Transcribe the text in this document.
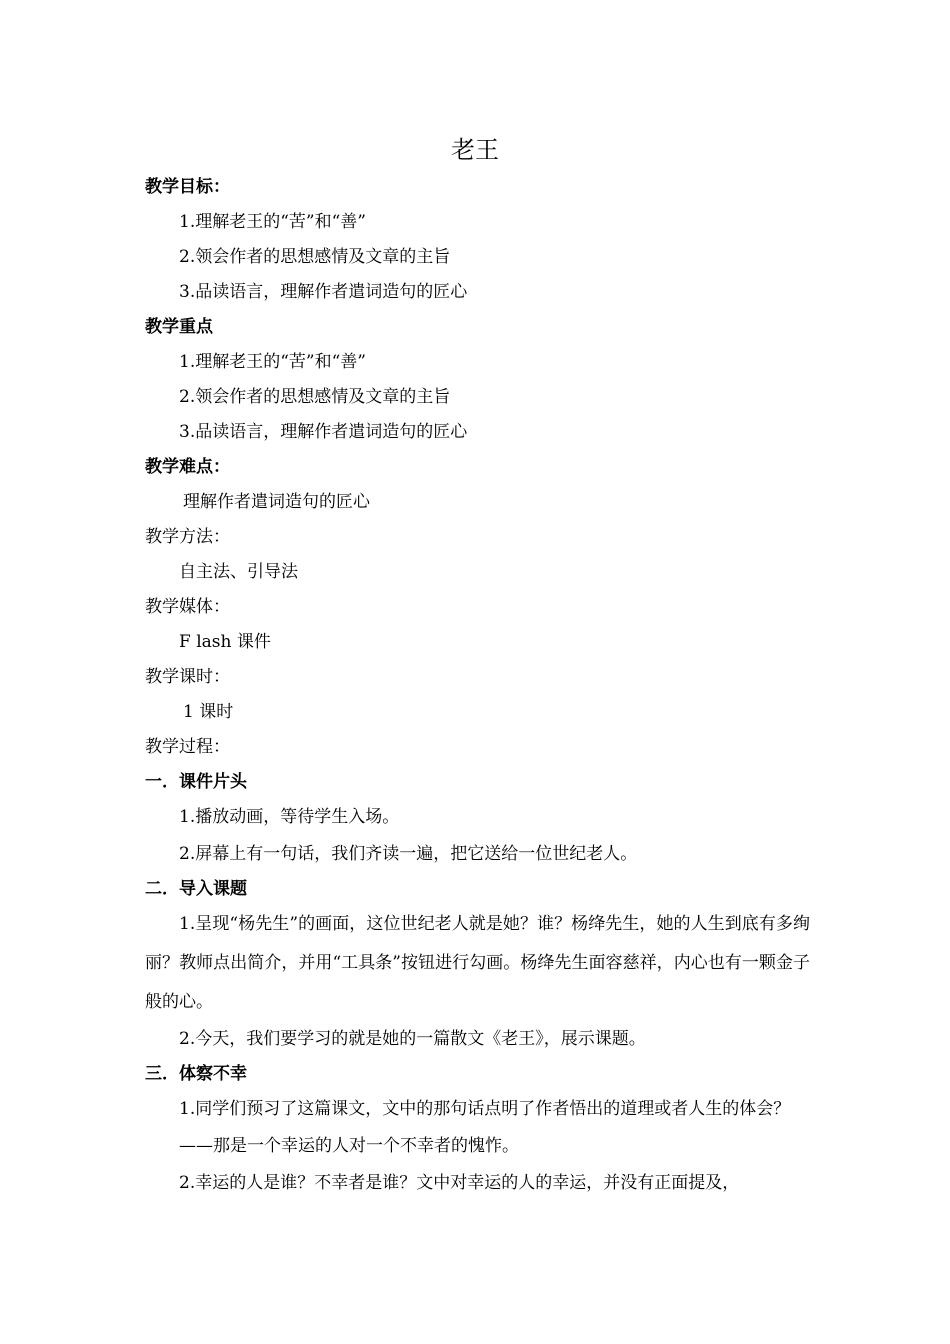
老王
教学目标：
1.理解老王的“苦”和“善”
2.领会作者的思想感情及文章的主旨
3.品读语言，理解作者遣词造句的匠心
教学重点
1.理解老王的“苦”和“善”
2.领会作者的思想感情及文章的主旨
3.品读语言，理解作者遣词造句的匠心
教学难点：
理解作者遣词造句的匠心
教学方法：
自主法、引导法
教学媒体：
F lash 课件
教学课时：
1 课时
教学过程：
一．课件片头
1.播放动画，等待学生入场。
2.屏幕上有一句话，我们齐读一遍，把它送给一位世纪老人。
二．导入课题
1.呈现“杨先生”的画面，这位世纪老人就是她？谁？杨绛先生，她的人生到底有多绚丽？教师点出简介，并用“工具条”按钮进行勾画。杨绛先生面容慈祥，内心也有一颗金子般的心。
2.今天，我们要学习的就是她的一篇散文《老王》，展示课题。
三．体察不幸
1.同学们预习了这篇课文，文中的那句话点明了作者悟出的道理或者人生的体会？
——那是一个幸运的人对一个不幸者的愧怍。
2.幸运的人是谁？不幸者是谁？文中对幸运的人的幸运，并没有正面提及，
